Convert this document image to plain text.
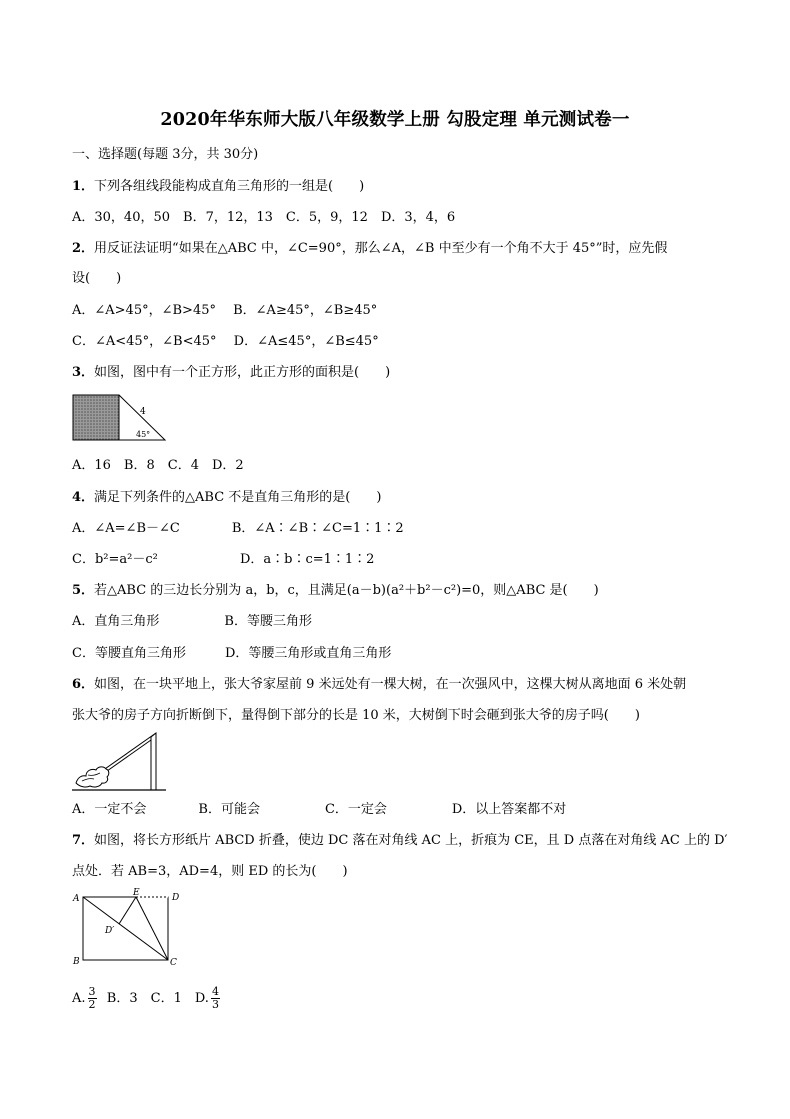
2020年华东师大版八年级数学上册 勾股定理 单元测试卷一
一、选择题(每题 3分，共 30分)
1．下列各组线段能构成直角三角形的一组是(　　)
A．30，40，50　B．7，12，13　C．5，9，12　D．3，4，6
2．用反证法证明“如果在△ABC 中，∠C=90°，那么∠A，∠B 中至少有一个角不大于 45°”时，应先假
设(　　)
A．∠A>45°，∠B>45°　 B．∠A≥45°，∠B≥45°
C．∠A<45°，∠B<45°　 D．∠A≤45°，∠B≤45°
3．如图，图中有一个正方形，此正方形的面积是(　　)
4
45°
A．16　B．8　C．4　D．2
4．满足下列条件的△ABC 不是直角三角形的是(　　)
A．∠A=∠B－∠C　　　　B．∠A∶∠B∶∠C=1∶1∶2
C．b²=a²－c²　　　　　　 D．a∶b∶c=1∶1∶2
5．若△ABC 的三边长分别为 a，b，c，且满足(a－b)(a²＋b²－c²)=0，则△ABC 是(　　)
A．直角三角形　　　　　B．等腰三角形
C．等腰直角三角形　　　D．等腰三角形或直角三角形
6．如图，在一块平地上，张大爷家屋前 9 米远处有一棵大树，在一次强风中，这棵大树从离地面 6 米处朝
张大爷的房子方向折断倒下，量得倒下部分的长是 10 米，大树倒下时会砸到张大爷的房子吗(　　)
A．一定不会　　　　B．可能会　　　　　C．一定会　　　　　D．以上答案都不对
7．如图，将长方形纸片 ABCD 折叠，使边 DC 落在对角线 AC 上，折痕为 CE，且 D 点落在对角线 AC 上的 D′
点处．若 AB=3，AD=4，则 ED 的长为(　　)
A
B	C
D
E
D′
A. $\frac{3}{2}$ B．3　C．1　D. $\frac{4}{3}$
